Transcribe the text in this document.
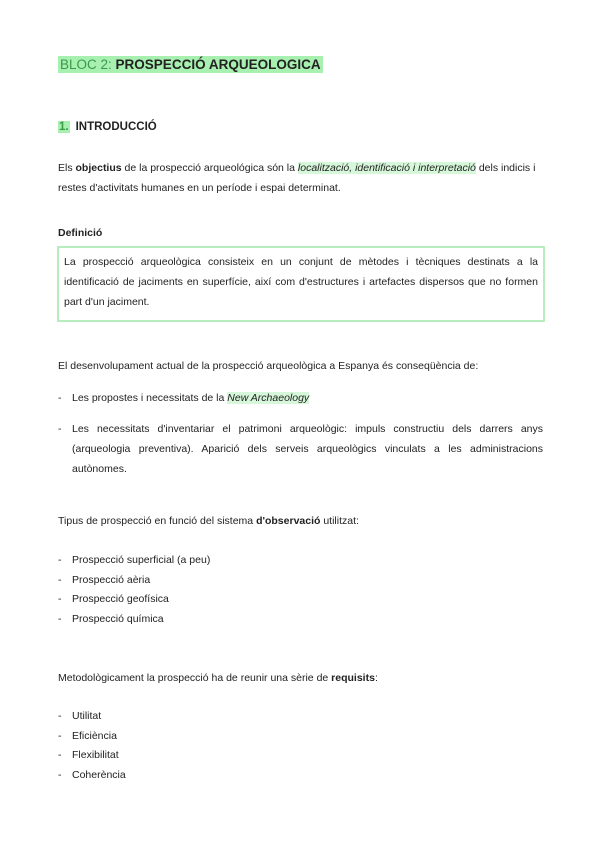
BLOC 2: PROSPECCIÓ ARQUEOLOGICA
1. INTRODUCCIÓ
Els objectius de la prospecció arqueológica són la localització, identificació i interpretació dels indicis i restes d'activitats humanes en un període i espai determinat.
Definició
La prospecció arqueològica consisteix en un conjunt de mètodes i tècniques destinats a la identificació de jaciments en superfície, així com d'estructures i artefactes dispersos que no formen part d'un jaciment.
El desenvolupament actual de la prospecció arqueològica a Espanya és conseqüència de:
- Les propostes i necessitats de la New Archaeology
- Les necessitats d'inventariar el patrimoni arqueològic: impuls constructiu dels darrers anys (arqueologia preventiva). Aparició dels serveis arqueològics vinculats a les administracions autònomes.
Tipus de prospecció en funció del sistema d'observació utilitzat:
- Prospecció superficial (a peu)
- Prospecció aèria
- Prospecció geofísica
- Prospecció química
Metodològicament la prospecció ha de reunir una sèrie de requisits:
- Utilitat
- Eficiència
- Flexibilitat
- Coherència
